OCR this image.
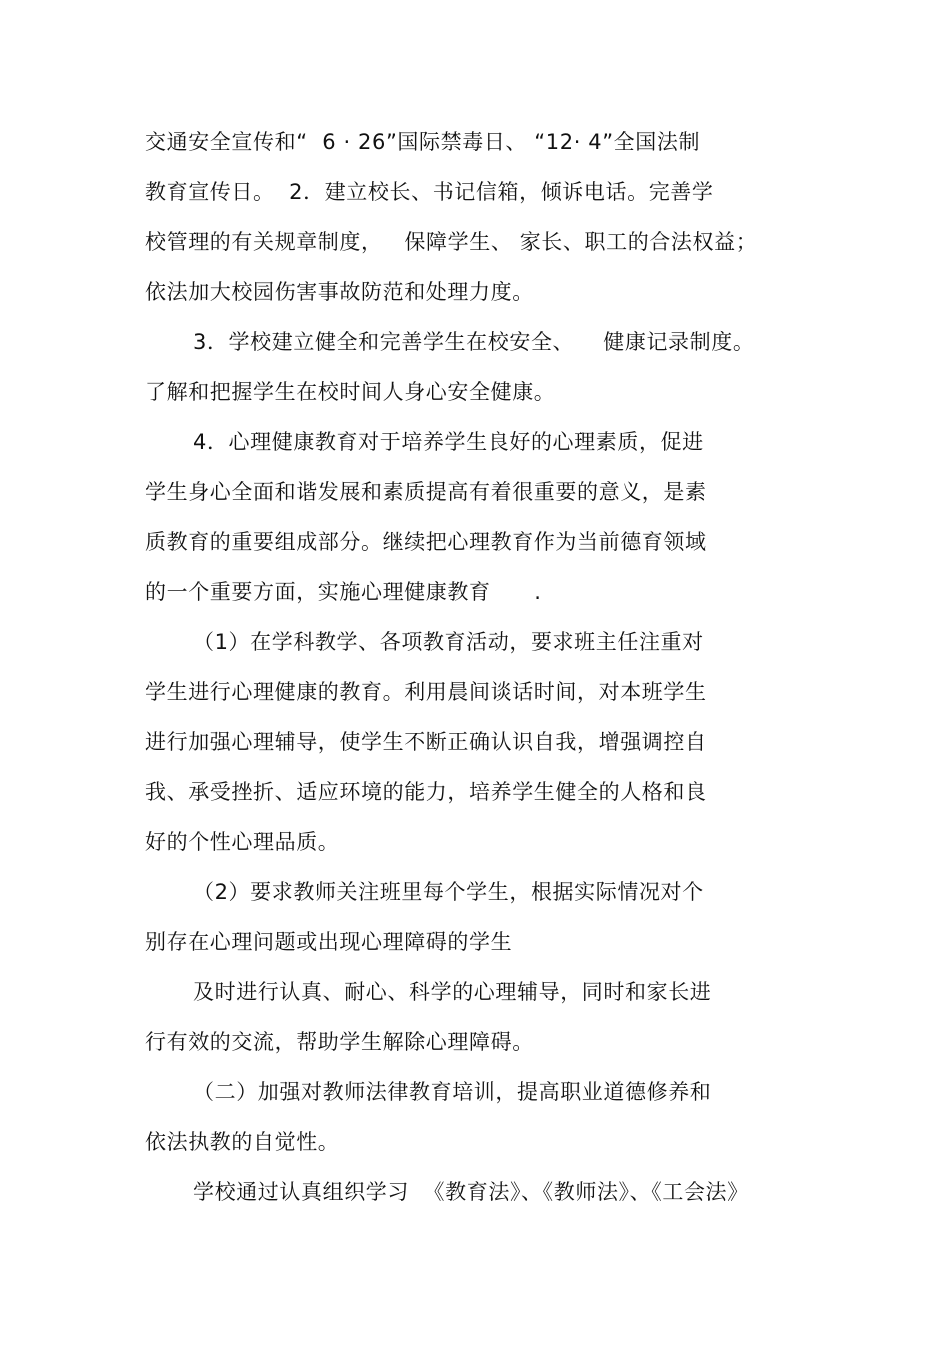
交通安全宣传和“  6 · 26”国际禁毒日、 “12· 4”全国法制
教育宣传日。  2．建立校长、书记信箱，倾诉电话。完善学
校管理的有关规章制度，   保障学生、 家长、职工的合法权益；
依法加大校园伤害事故防范和处理力度。
3．学校建立健全和完善学生在校安全、    健康记录制度。
了解和把握学生在校时间人身心安全健康。
4．心理健康教育对于培养学生良好的心理素质，促进
学生身心全面和谐发展和素质提高有着很重要的意义，是素
质教育的重要组成部分。继续把心理教育作为当前德育领域
的一个重要方面，实施心理健康教育      .
（1）在学科教学、各项教育活动，要求班主任注重对
学生进行心理健康的教育。利用晨间谈话时间，对本班学生
进行加强心理辅导，使学生不断正确认识自我，增强调控自
我、承受挫折、适应环境的能力，培养学生健全的人格和良
好的个性心理品质。
（2）要求教师关注班里每个学生，根据实际情况对个
别存在心理问题或出现心理障碍的学生
及时进行认真、耐心、科学的心理辅导，同时和家长进
行有效的交流，帮助学生解除心理障碍。
（二）加强对教师法律教育培训，提高职业道德修养和
依法执教的自觉性。
学校通过认真组织学习  《教育法》、《教师法》、《工会法》
